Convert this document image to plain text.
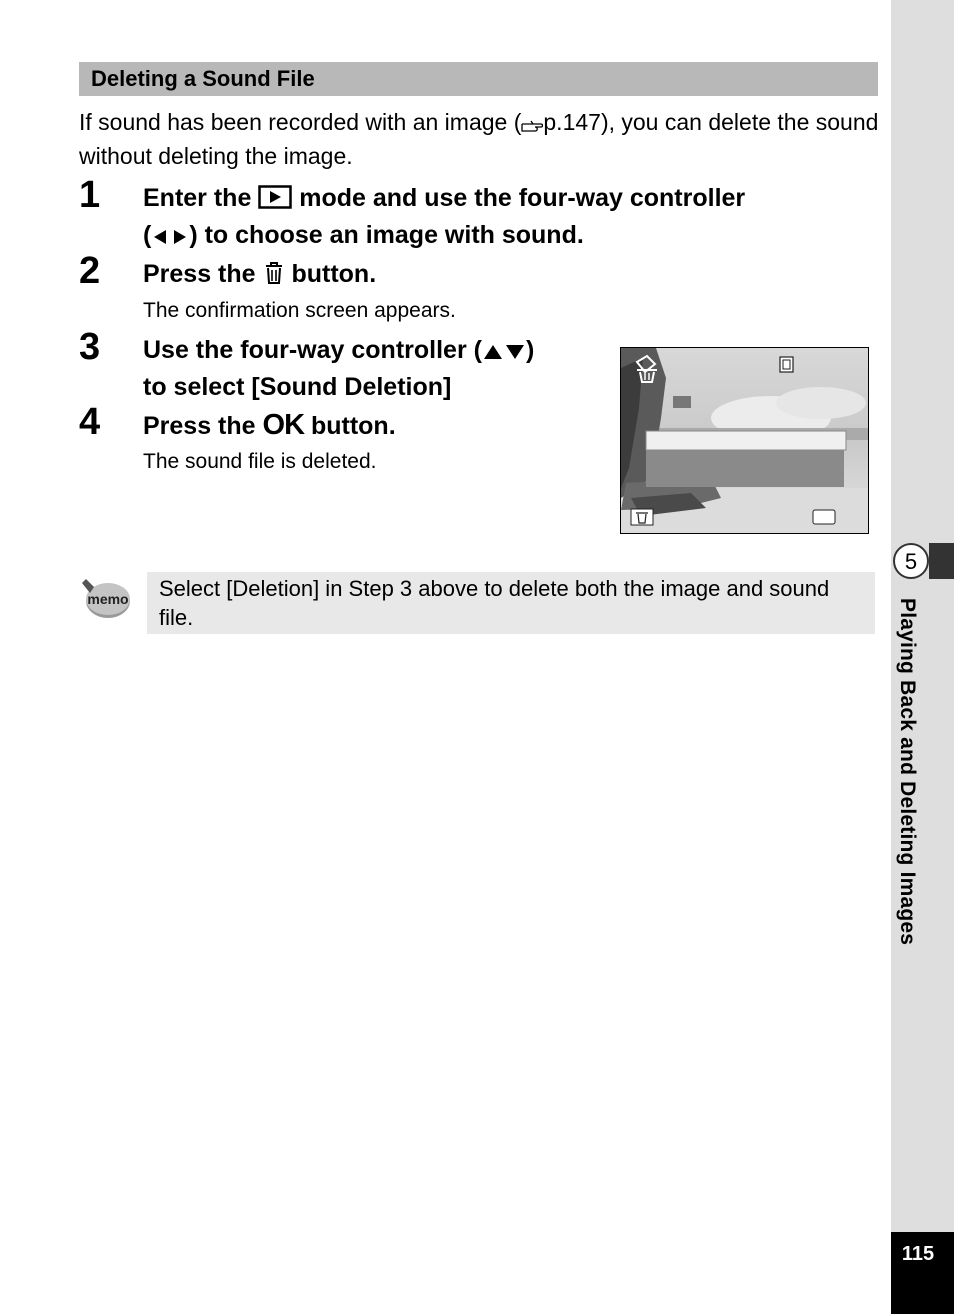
5
Playing Back and Deleting Images
115
Deleting a Sound File
If sound has been recorded with an image ( p.147), you can delete the sound without deleting the image.
1 Enter the  mode and use the four-way controller
( ) to choose an image with sound.
2 Press the  button.
The confirmation screen appears.
3 Use the four-way controller ( )
to select [Sound Deletion]
4 Press the OK button.
The sound file is deleted.
memo	Select [Deletion] in Step 3 above to delete both the image and sound file.
